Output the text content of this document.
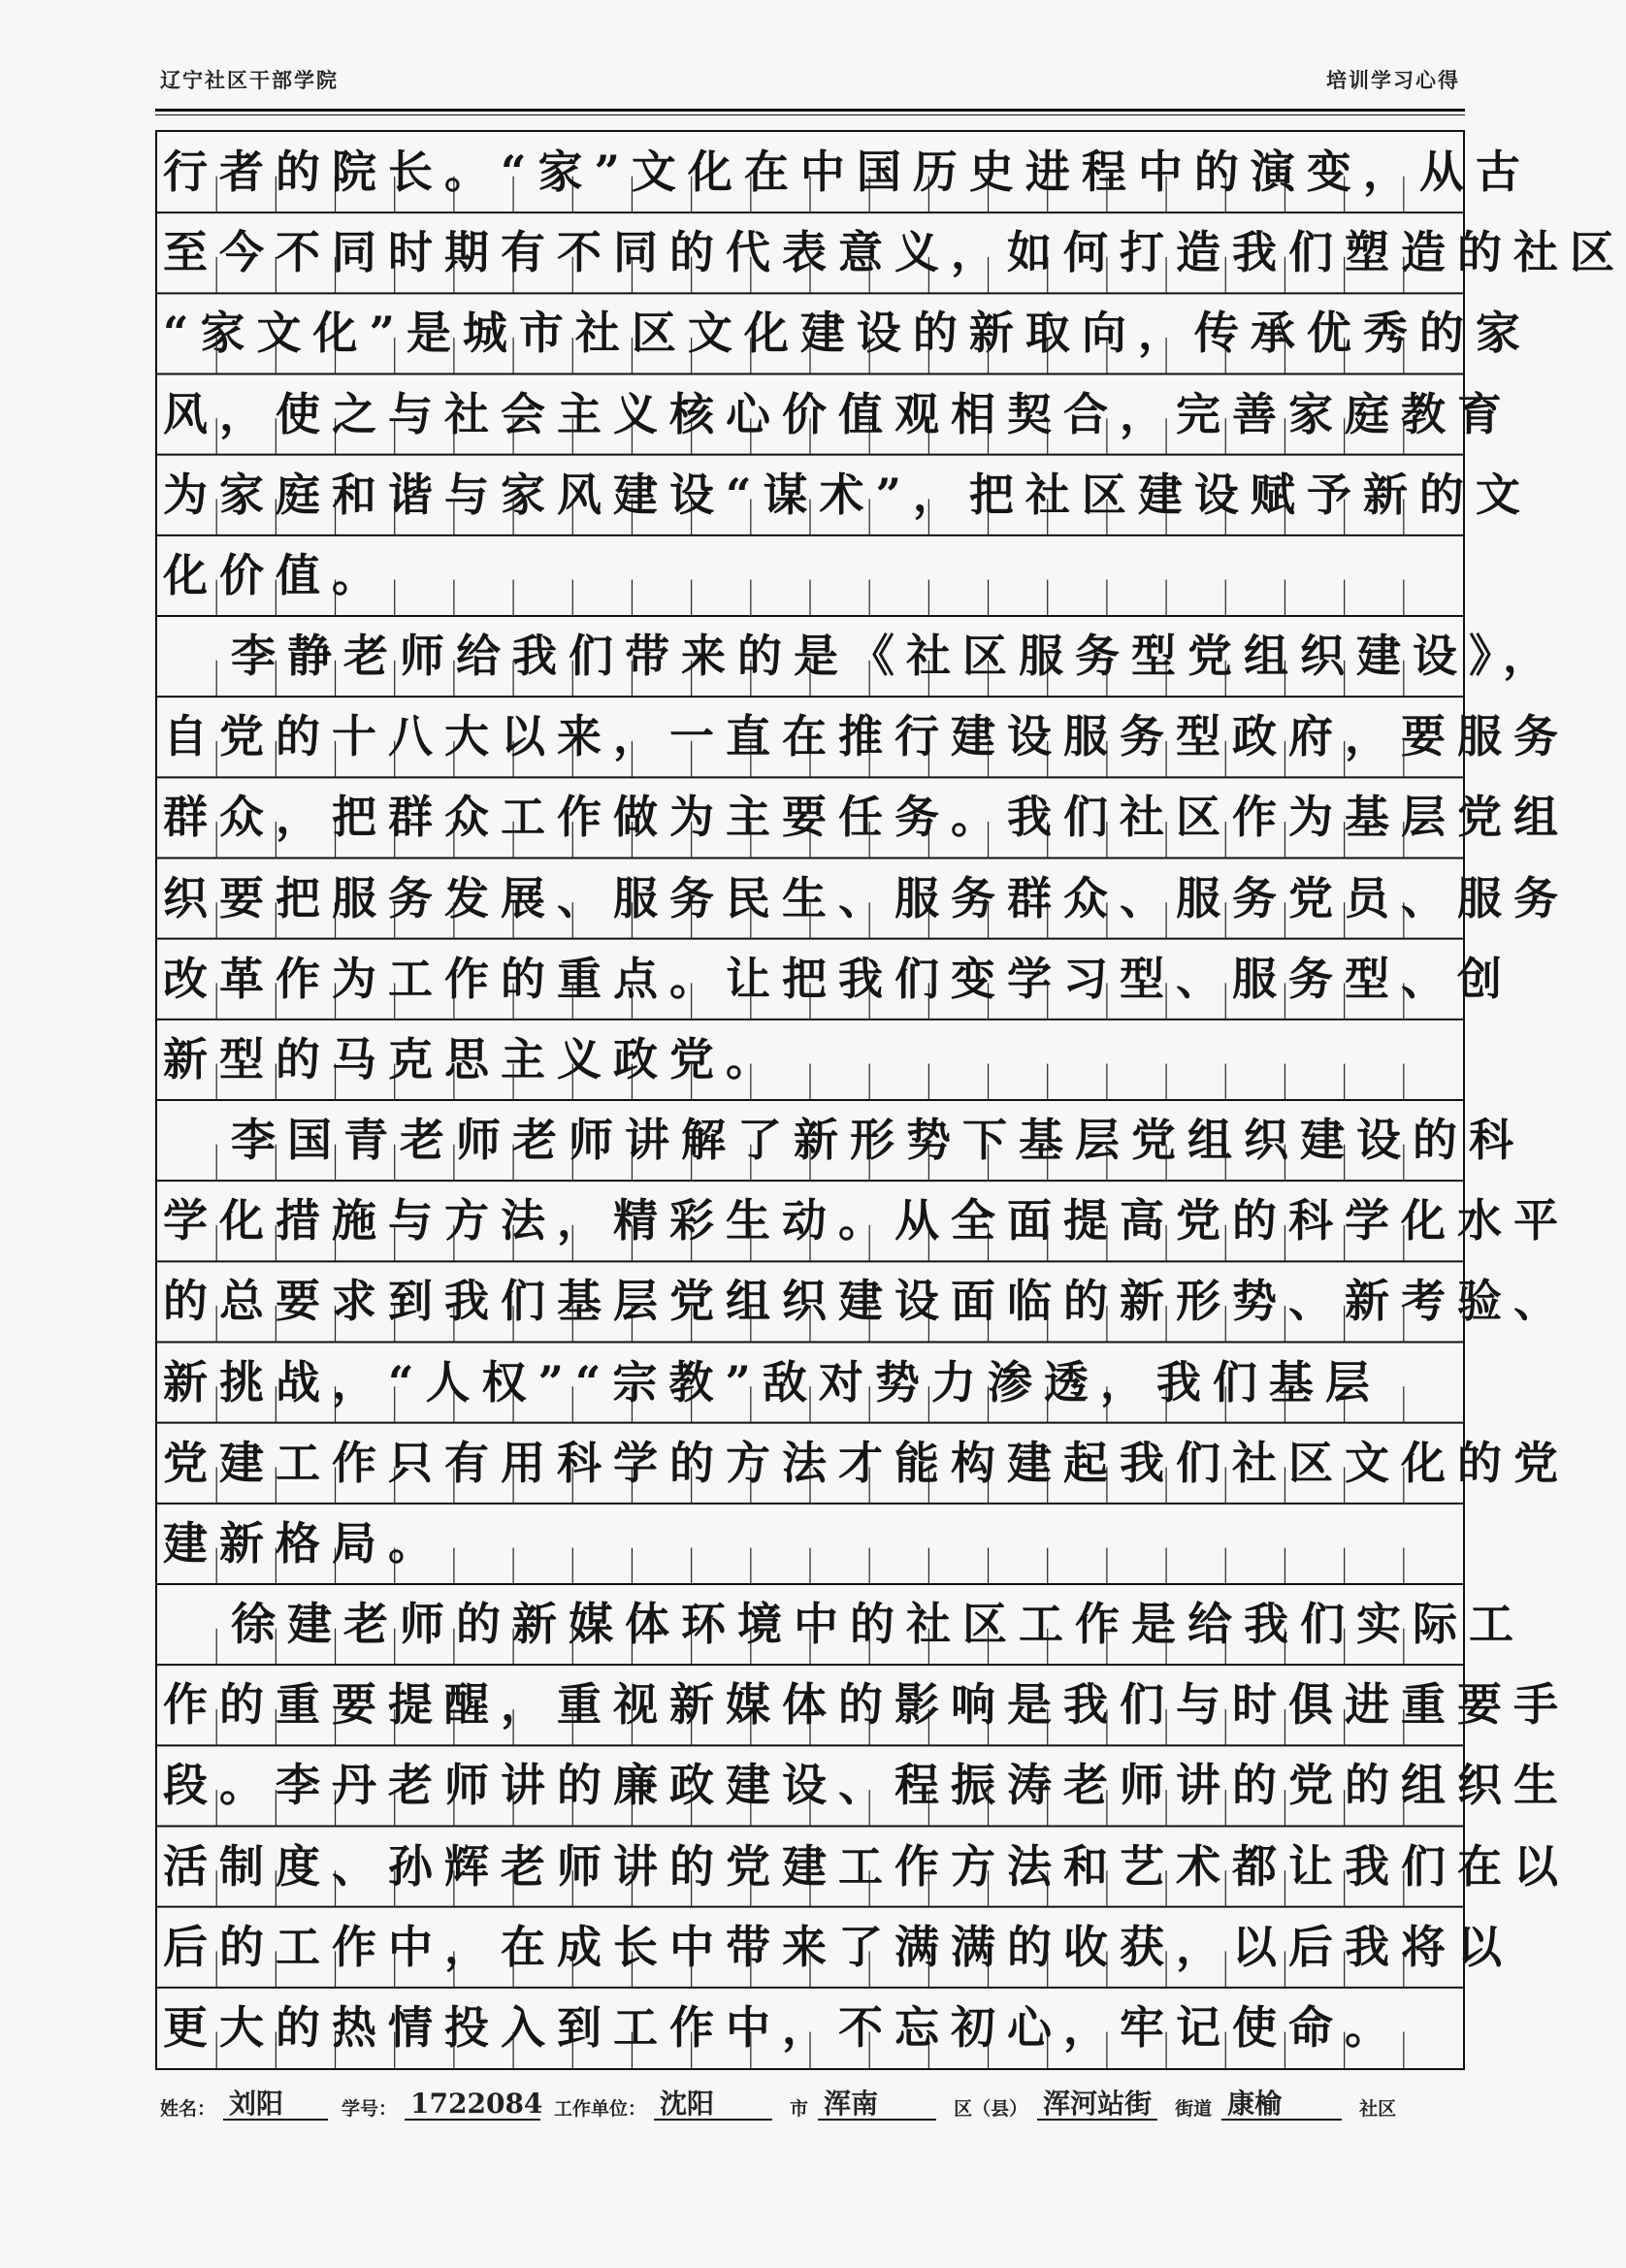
辽宁社区干部学院	培训学习心得
行者的院长。“家”文化在中国历史进程中的演变，从古
至今不同时期有不同的代表意义，如何打造我们塑造的社区
“家文化”是城市社区文化建设的新取向，传承优秀的家
风，使之与社会主义核心价值观相契合，完善家庭教育
为家庭和谐与家风建设“谋术”，把社区建设赋予新的文
化价值。
李静老师给我们带来的是《社区服务型党组织建设》，
自党的十八大以来，一直在推行建设服务型政府，要服务
群众，把群众工作做为主要任务。我们社区作为基层党组
织要把服务发展、服务民生、服务群众、服务党员、服务
改革作为工作的重点。让把我们变学习型、服务型、创
新型的马克思主义政党。
李国青老师老师讲解了新形势下基层党组织建设的科
学化措施与方法，精彩生动。从全面提高党的科学化水平
的总要求到我们基层党组织建设面临的新形势、新考验、
新挑战，“人权”“宗教”敌对势力渗透，我们基层
党建工作只有用科学的方法才能构建起我们社区文化的党
建新格局。
徐建老师的新媒体环境中的社区工作是给我们实际工
作的重要提醒，重视新媒体的影响是我们与时俱进重要手
段。李丹老师讲的廉政建设、程振涛老师讲的党的组织生
活制度、孙辉老师讲的党建工作方法和艺术都让我们在以
后的工作中，在成长中带来了满满的收获，以后我将以
更大的热情投入到工作中，不忘初心，牢记使命。
姓名： 刘阳	学号： 1722084 工作单位： 沈阳	市 浑南	区（县） 浑河站街	街道 康榆	社区
